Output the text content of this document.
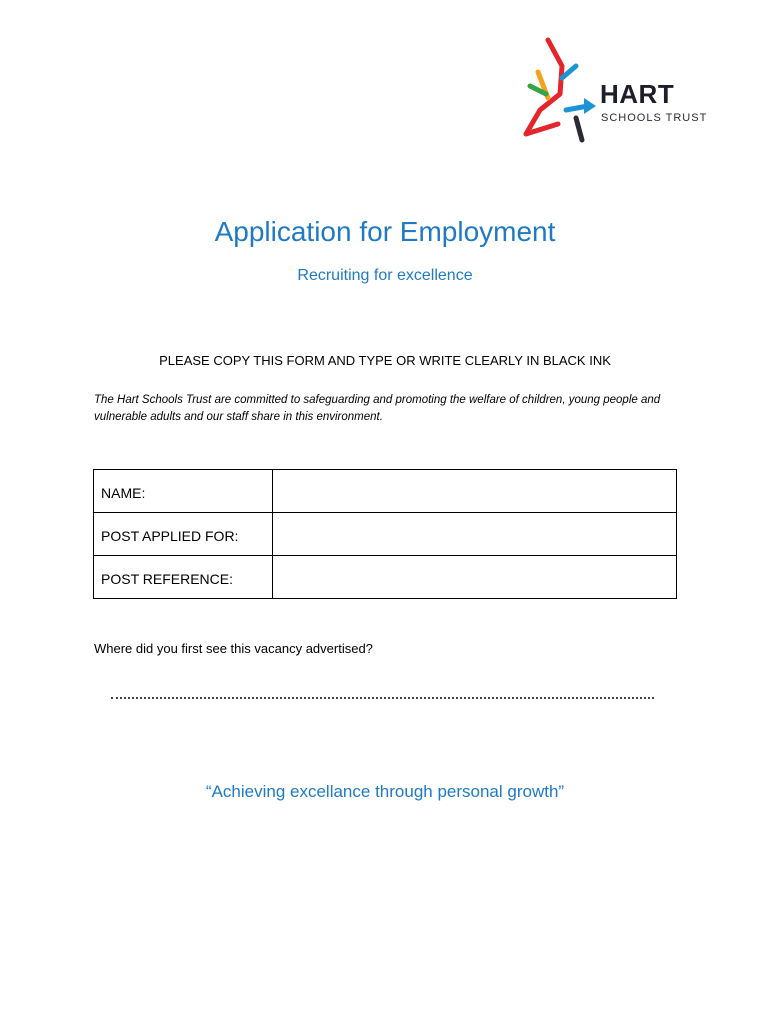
HART
SCHOOLS TRUST
Application for Employment
Recruiting for excellence
PLEASE COPY THIS FORM AND TYPE OR WRITE CLEARLY IN BLACK INK
The Hart Schools Trust are committed to safeguarding and promoting the welfare of children, young people and vulnerable adults and our staff share in this environment.
NAME:	
POST APPLIED FOR:	
POST REFERENCE:	
Where did you first see this vacancy advertised?
“Achieving excellance through personal growth”
